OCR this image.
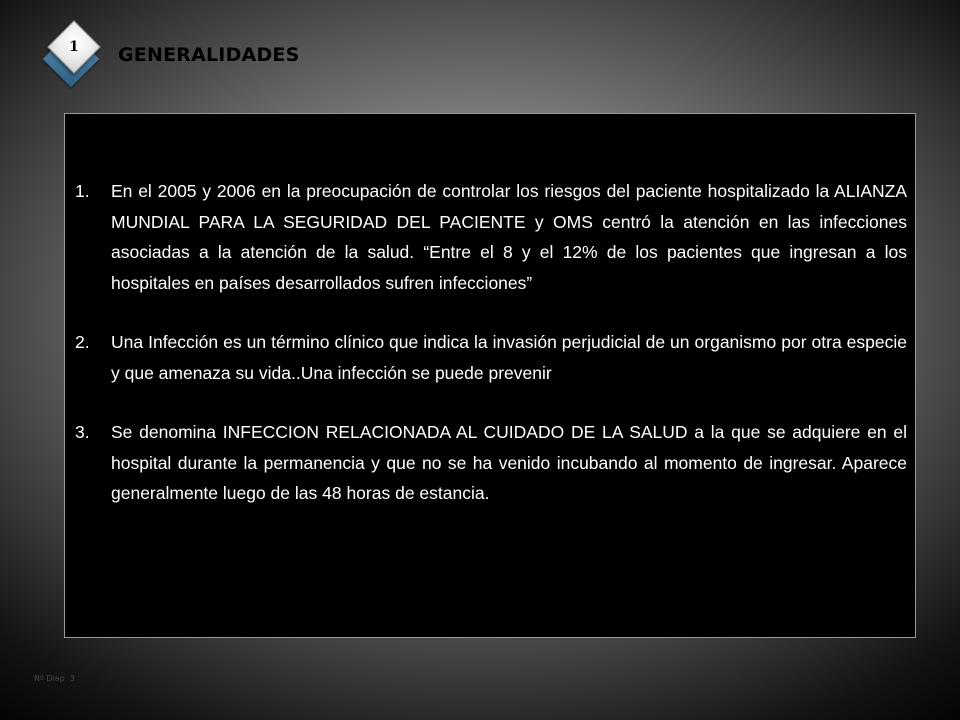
1	GENERALIDADES

1. En el 2005 y 2006 en la preocupación de controlar los riesgos del paciente hospitalizado la ALIANZA MUNDIAL PARA LA SEGURIDAD DEL PACIENTE y OMS centró la atención en las infecciones asociadas a la atención de la salud. “Entre el 8 y el 12% de los pacientes que ingresan a los hospitales en países desarrollados sufren infecciones”

2. Una Infección es un término clínico que indica la invasión perjudicial de un organismo por otra especie y que amenaza su vida..Una infección se puede prevenir

3. Se denomina INFECCION RELACIONADA AL CUIDADO DE LA SALUD a la que se adquiere en el hospital durante la permanencia y que no se ha venido incubando al momento de ingresar. Aparece generalmente luego de las 48 horas de estancia.

Nº Diap. 3
